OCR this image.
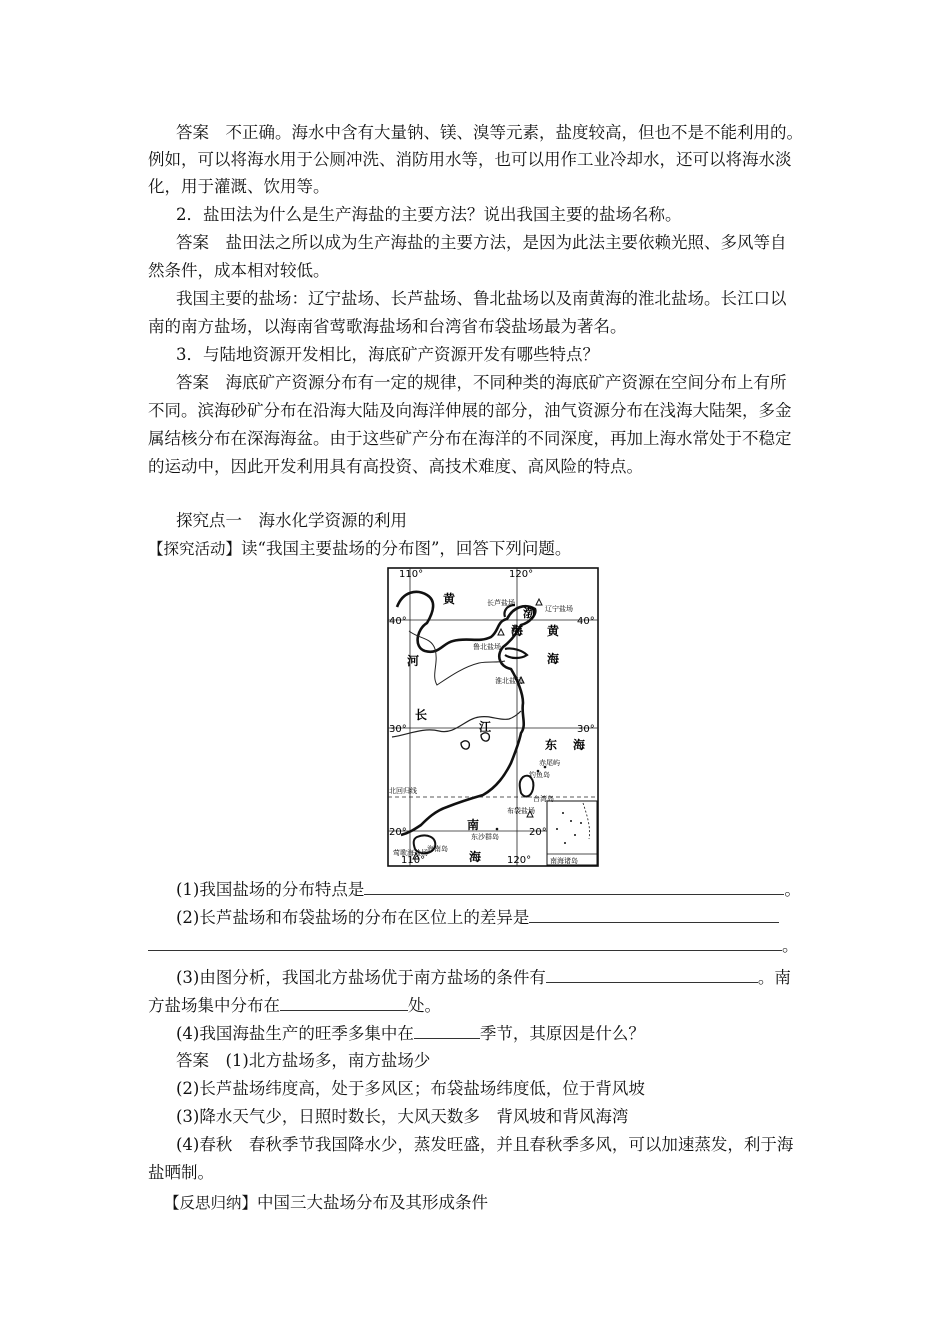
答案　不正确。海水中含有大量钠、镁、溴等元素，盐度较高，但也不是不能利用的。
例如，可以将海水用于公厕冲洗、消防用水等，也可以用作工业冷却水，还可以将海水淡
化，用于灌溉、饮用等。
2．盐田法为什么是生产海盐的主要方法？说出我国主要的盐场名称。
答案　盐田法之所以成为生产海盐的主要方法，是因为此法主要依赖光照、多风等自
然条件，成本相对较低。
我国主要的盐场：辽宁盐场、长芦盐场、鲁北盐场以及南黄海的淮北盐场。长江口以
南的南方盐场，以海南省莺歌海盐场和台湾省布袋盐场最为著名。
3．与陆地资源开发相比，海底矿产资源开发有哪些特点？
答案　海底矿产资源分布有一定的规律，不同种类的海底矿产资源在空间分布上有所
不同。滨海砂矿分布在沿海大陆及向海洋伸展的部分，油气资源分布在浅海大陆架，多金
属结核分布在深海海盆。由于这些矿产分布在海洋的不同深度，再加上海水常处于不稳定
的运动中，因此开发利用具有高投资、高技术难度、高风险的特点。
探究点一　海水化学资源的利用
【探究活动】读“我国主要盐场的分布图”，回答下列问题。
110°	120°
110°	120°
40°	40°
30°	30°
20°	20°
北回归线
黄
渤
海 黄
海
东 海
南
海
河
长
江
长芦盐场
辽宁盐场
鲁北盐场
淮北盐场
赤尾屿
钓鱼岛
台湾岛
布袋盐场
东沙群岛
海南岛
莺歌海盐场
南海诸岛
(1)我国盐场的分布特点是	。
(2)长芦盐场和布袋盐场的分布在区位上的差异是
。
(3)由图分析，我国北方盐场优于南方盐场的条件有	。南
方盐场集中分布在	处。
(4)我国海盐生产的旺季多集中在	季节，其原因是什么？
答案　(1)北方盐场多，南方盐场少
(2)长芦盐场纬度高，处于多风区；布袋盐场纬度低，位于背风坡
(3)降水天气少，日照时数长，大风天数多　背风坡和背风海湾
(4)春秋　春秋季节我国降水少，蒸发旺盛，并且春秋季多风，可以加速蒸发，利于海
盐晒制。
【反思归纳】中国三大盐场分布及其形成条件
